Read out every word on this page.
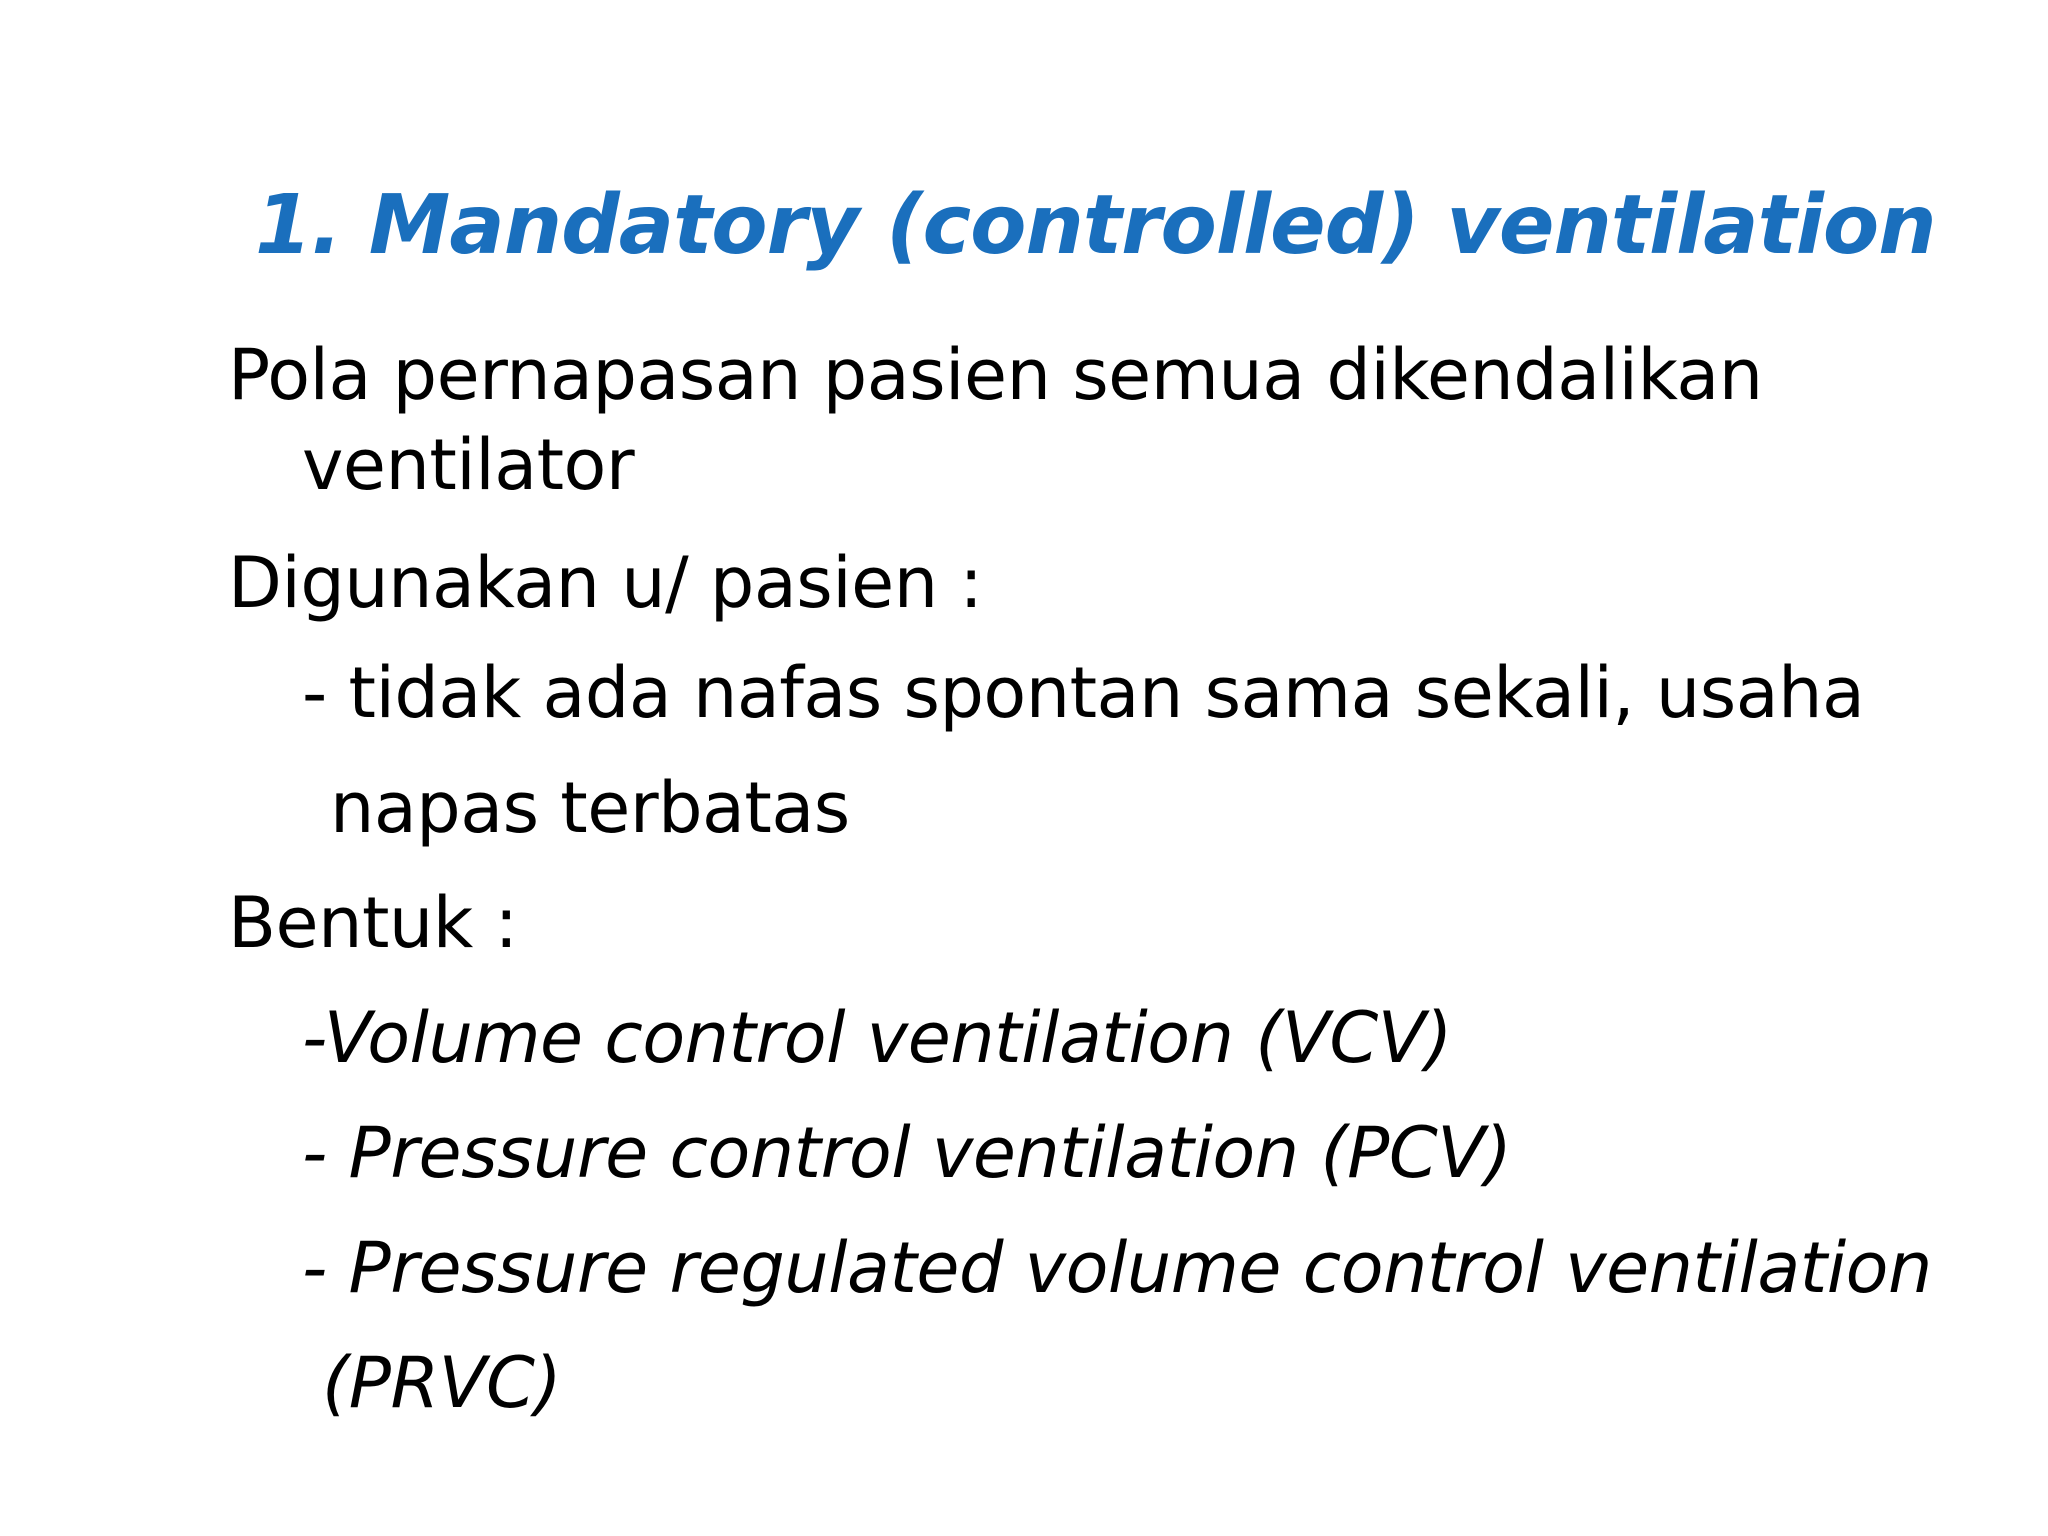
1. Mandatory (controlled) ventilation

Pola pernapasan pasien semua dikendalikan

ventilator

Digunakan u/ pasien :

- tidak ada nafas spontan sama sekali, usaha

napas terbatas

Bentuk :

-Volume control ventilation (VCV)

- Pressure control ventilation (PCV)

- Pressure regulated volume control ventilation

(PRVC)
